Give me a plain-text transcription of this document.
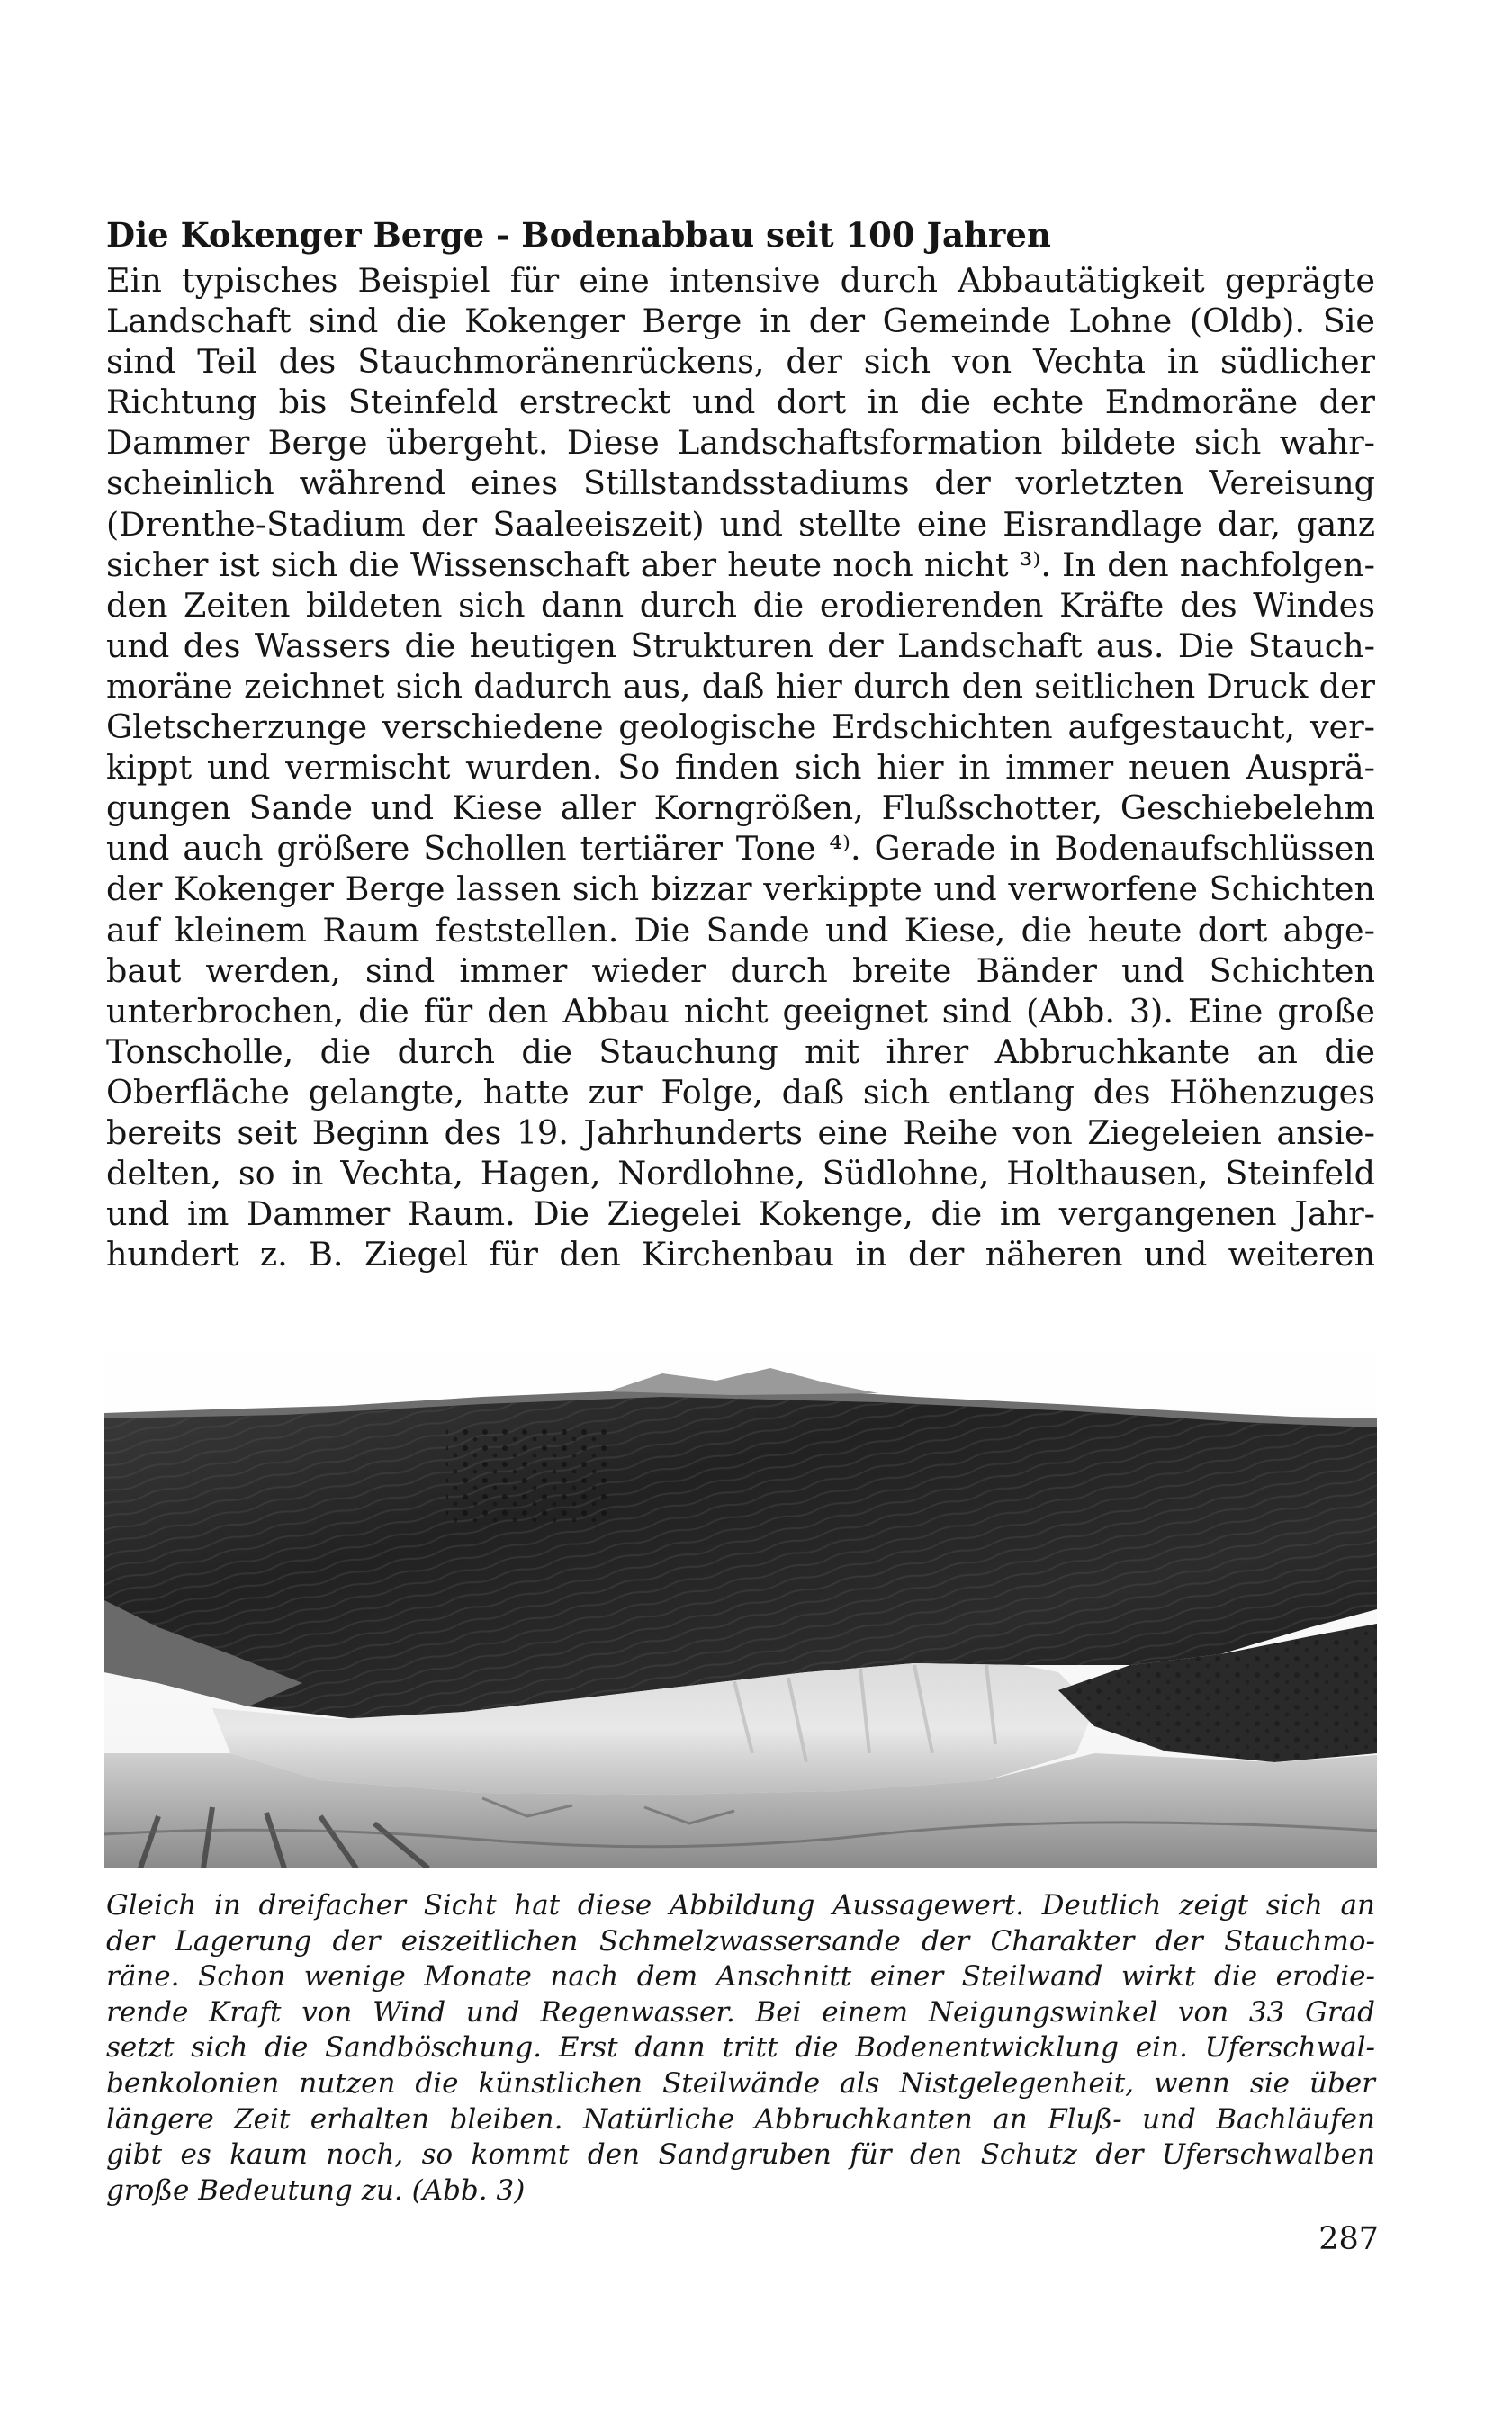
Die Kokenger Berge - Bodenabbau seit 100 Jahren
Ein typisches Beispiel für eine intensive durch Abbautätigkeit geprägte
Landschaft sind die Kokenger Berge in der Gemeinde Lohne (Oldb). Sie
sind Teil des Stauchmoränenrückens, der sich von Vechta in südlicher
Richtung bis Steinfeld erstreckt und dort in die echte Endmoräne der
Dammer Berge übergeht. Diese Landschaftsformation bildete sich wahr-
scheinlich während eines Stillstandsstadiums der vorletzten Vereisung
(Drenthe-Stadium der Saaleeiszeit) und stellte eine Eisrandlage dar, ganz
sicher ist sich die Wissenschaft aber heute noch nicht ³⁾. In den nachfolgen-
den Zeiten bildeten sich dann durch die erodierenden Kräfte des Windes
und des Wassers die heutigen Strukturen der Landschaft aus. Die Stauch-
moräne zeichnet sich dadurch aus, daß hier durch den seitlichen Druck der
Gletscherzunge verschiedene geologische Erdschichten aufgestaucht, ver-
kippt und vermischt wurden. So finden sich hier in immer neuen Ausprä-
gungen Sande und Kiese aller Korngrößen, Flußschotter, Geschiebelehm
und auch größere Schollen tertiärer Tone ⁴⁾. Gerade in Bodenaufschlüssen
der Kokenger Berge lassen sich bizzar verkippte und verworfene Schichten
auf kleinem Raum feststellen. Die Sande und Kiese, die heute dort abge-
baut werden, sind immer wieder durch breite Bänder und Schichten
unterbrochen, die für den Abbau nicht geeignet sind (Abb. 3). Eine große
Tonscholle, die durch die Stauchung mit ihrer Abbruchkante an die
Oberfläche gelangte, hatte zur Folge, daß sich entlang des Höhenzuges
bereits seit Beginn des 19. Jahrhunderts eine Reihe von Ziegeleien ansie-
delten, so in Vechta, Hagen, Nordlohne, Südlohne, Holthausen, Steinfeld
und im Dammer Raum. Die Ziegelei Kokenge, die im vergangenen Jahr-
hundert z. B. Ziegel für den Kirchenbau in der näheren und weiteren
Gleich in dreifacher Sicht hat diese Abbildung Aussagewert. Deutlich zeigt sich an
der Lagerung der eiszeitlichen Schmelzwassersande der Charakter der Stauchmo-
räne. Schon wenige Monate nach dem Anschnitt einer Steilwand wirkt die erodie-
rende Kraft von Wind und Regenwasser. Bei einem Neigungswinkel von 33 Grad
setzt sich die Sandböschung. Erst dann tritt die Bodenentwicklung ein. Uferschwal-
benkolonien nutzen die künstlichen Steilwände als Nistgelegenheit, wenn sie über
längere Zeit erhalten bleiben. Natürliche Abbruchkanten an Fluß- und Bachläufen
gibt es kaum noch, so kommt den Sandgruben für den Schutz der Uferschwalben
große Bedeutung zu. (Abb. 3)
287
